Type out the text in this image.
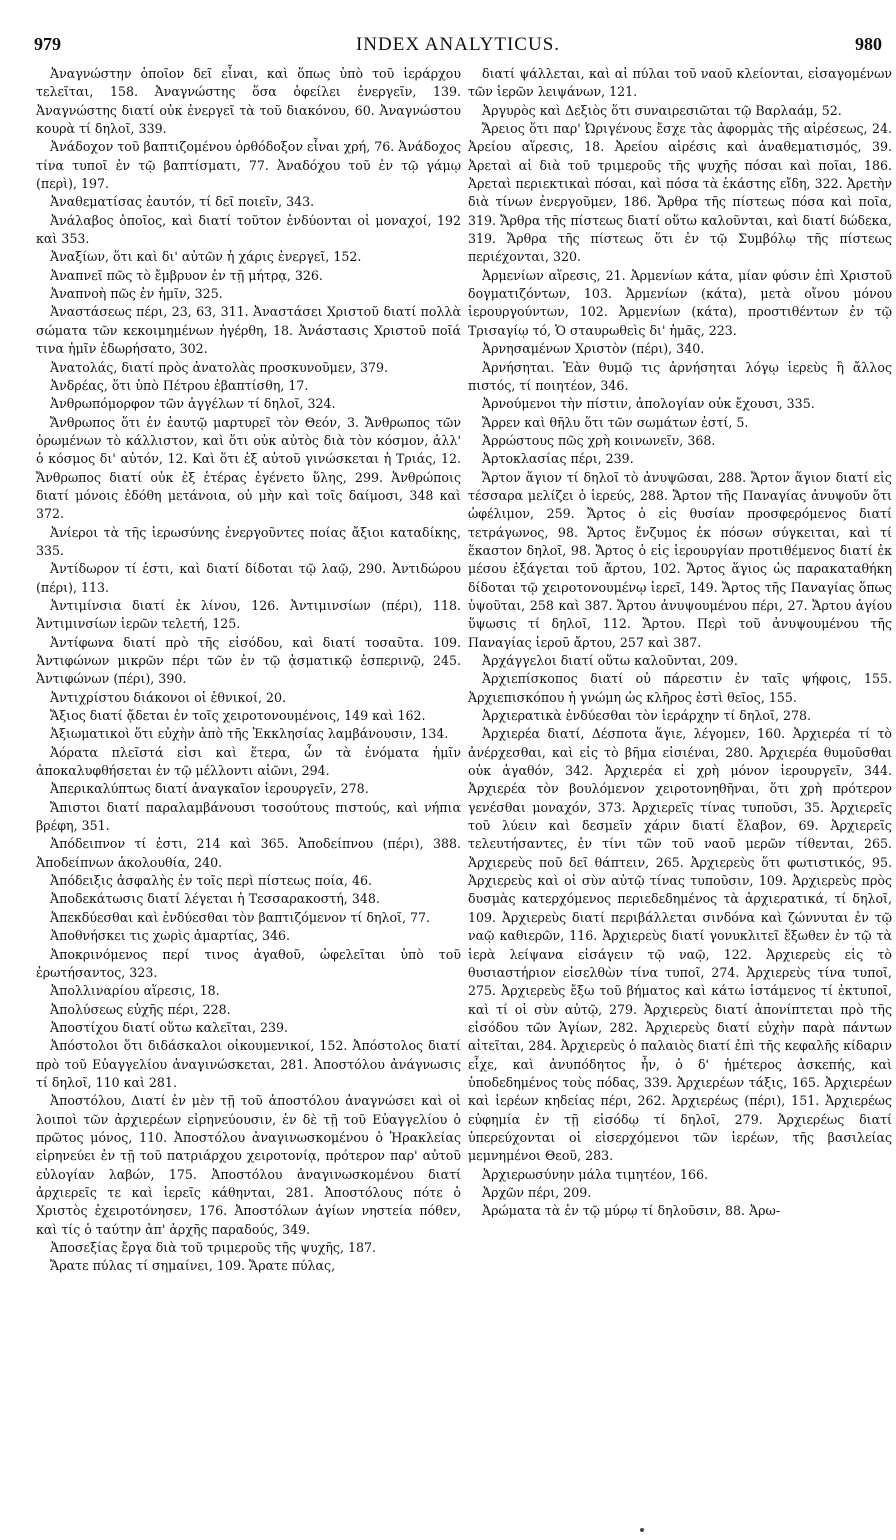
979	INDEX ANALYTICUS.	980

Ἀναγνώστην ὁποῖον δεῖ εἶναι, καὶ ὅπως ὑπὸ τοῦ ἱεράρχου τελεῖται, 158. Ἀναγνώστης ὅσα ὀφείλει ἐνεργεῖν, 139. Ἀναγνώστης διατί οὐκ ἐνεργεῖ τὰ τοῦ διακόνου, 60. Ἀναγνώστου κουρὰ τί δηλοῖ, 339.

Ἀνάδοχον τοῦ βαπτιζομένου ὀρθόδοξον εἶναι χρή, 76. Ἀνάδοχος τίνα τυποῖ ἐν τῷ βαπτίσματι, 77. Ἀναδόχου τοῦ ἐν τῷ γάμῳ (περὶ), 197.

Ἀναθεματίσας ἑαυτόν, τί δεῖ ποιεῖν, 343.

Ἀνάλαβος ὁποῖος, καὶ διατί τοῦτον ἐνδύονται οἱ μοναχοί, 192 καὶ 353.

Ἀναξίων, ὅτι καὶ δι' αὐτῶν ἡ χάρις ἐνεργεῖ, 152.

Ἀναπνεῖ πῶς τὸ ἔμβρυον ἐν τῇ μήτρᾳ, 326.

Ἀναπνοὴ πῶς ἐν ἡμῖν, 325.

Ἀναστάσεως πέρι, 23, 63, 311. Ἀναστάσει Χριστοῦ διατί πολλὰ σώματα τῶν κεκοιμημένων ἠγέρθη, 18. Ἀνάστασις Χριστοῦ ποῖά τινα ἡμῖν ἐδωρήσατο, 302.

Ἀνατολάς, διατί πρὸς ἀνατολὰς προσκυνοῦμεν, 379.

Ἀνδρέας, ὅτι ὑπὸ Πέτρου ἐβαπτίσθη, 17.

Ἀνθρωπόμορφον τῶν ἀγγέλων τί δηλοῖ, 324.

Ἄνθρωπος ὅτι ἐν ἑαυτῷ μαρτυρεῖ τὸν Θεόν, 3. Ἄνθρωπος τῶν ὁρωμένων τὸ κάλλιστον, καὶ ὅτι οὐκ αὐτὸς διὰ τὸν κόσμον, ἀλλ' ὁ κόσμος δι' αὐτόν, 12. Καὶ ὅτι ἐξ αὐτοῦ γινώσκεται ἡ Τριάς, 12. Ἄνθρωπος διατί οὐκ ἐξ ἑτέρας ἐγένετο ὕλης, 299. Ἀνθρώποις διατί μόνοις ἐδόθη μετάνοια, οὐ μὴν καὶ τοῖς δαίμοσι, 348 καὶ 372.

Ἀνίεροι τὰ τῆς ἱερωσύνης ἐνεργοῦντες ποίας ἄξιοι καταδίκης, 335.

Ἀντίδωρον τί ἐστι, καὶ διατί δίδοται τῷ λαῷ, 290. Ἀντιδώρου (πέρι), 113.

Ἀντιμίνσια διατί ἐκ λίνου, 126. Ἀντιμινσίων (πέρι), 118. Ἀντιμινσίων ἱερῶν τελετή, 125.

Ἀντίφωνα διατί πρὸ τῆς εἰσόδου, καὶ διατί τοσαῦτα. 109. Ἀντιφώνων μικρῶν πέρι τῶν ἐν τῷ ᾀσματικῷ ἑσπερινῷ, 245. Ἀντιφώνων (πέρι), 390.

Ἀντιχρίστου διάκονοι οἱ ἐθνικοί, 20.

Ἄξιος διατί ᾄδεται ἐν τοῖς χειροτονουμένοις, 149 καὶ 162.

Ἀξιωματικοὶ ὅτι εὐχὴν ἀπὸ τῆς Ἐκκλησίας λαμβάνουσιν, 134.

Ἀόρατα πλεῖστά εἰσι καὶ ἕτερα, ὧν τὰ ἐνόματα ἡμῖν ἀποκαλυφθήσεται ἐν τῷ μέλλοντι αἰῶνι, 294.

Ἀπερικαλύπτως διατί ἀναγκαῖον ἱερουργεῖν, 278.

Ἄπιστοι διατί παραλαμβάνουσι τοσούτους πιστούς, καὶ νήπια βρέφη, 351.

Ἀπόδειπνον τί ἐστι, 214 καὶ 365. Ἀποδείπνου (πέρι), 388. Ἀποδείπνων ἀκολουθία, 240.

Ἀπόδειξις ἀσφαλὴς ἐν τοῖς περὶ πίστεως ποία, 46.

Ἀποδεκάτωσις διατί λέγεται ἡ Τεσσαρακοστή, 348.

Ἀπεκδύεσθαι καὶ ἐνδύεσθαι τὸν βαπτιζόμενον τί δηλοῖ, 77.

Ἀποθνήσκει τις χωρὶς ἁμαρτίας, 346.

Ἀποκρινόμενος περί τινος ἀγαθοῦ, ὠφελεῖται ὑπὸ τοῦ ἐρωτήσαντος, 323.

Ἀπολλιναρίου αἵρεσις, 18.

Ἀπολύσεως εὐχῆς πέρι, 228.

Ἀποστίχου διατί οὕτω καλεῖται, 239.

Ἀπόστολοι ὅτι διδάσκαλοι οἰκουμενικοί, 152. Ἀπόστολος διατί πρὸ τοῦ Εὐαγγελίου ἀναγινώσκεται, 281. Ἀποστόλου ἀνάγνωσις τί δηλοῖ, 110 καὶ 281.

Ἀποστόλου, Διατί ἐν μὲν τῇ τοῦ ἀποστόλου ἀναγνώσει καὶ οἱ λοιποὶ τῶν ἀρχιερέων εἰρηνεύουσιν, ἐν δὲ τῇ τοῦ Εὐαγγελίου ὁ πρῶτος μόνος, 110. Ἀποστόλου ἀναγινωσκομένου ὁ Ἡρακλείας εἰρηνεύει ἐν τῇ τοῦ πατριάρχου χειροτονίᾳ, πρότερον παρ' αὐτοῦ εὐλογίαν λαβών, 175. Ἀποστόλου ἀναγινωσκομένου διατί ἀρχιερεῖς τε καὶ ἱερεῖς κάθηνται, 281. Ἀποστόλους πότε ὁ Χριστὸς ἐχειροτόνησεν, 176. Ἀποστόλων ἁγίων νηστεία πόθεν, καὶ τίς ὁ ταύτην ἀπ' ἀρχῆς παραδούς, 349.

Ἀποσεξίας ἔργα διὰ τοῦ τριμεροῦς τῆς ψυχῆς, 187.

Ἄρατε πύλας τί σημαίνει, 109. Ἄρατε πύλας,

διατί ψάλλεται, καὶ αἱ πύλαι τοῦ ναοῦ κλείονται, εἰσαγομένων τῶν ἱερῶν λειψάνων, 121.

Ἀργυρὸς καὶ Δεξιὸς ὅτι συναιρεσιῶται τῷ Βαρλαάμ, 52.

Ἄρειος ὅτι παρ' Ὠριγένους ἔσχε τὰς ἀφορμὰς τῆς αἱρέσεως, 24. Ἀρείου αἵρεσις, 18. Ἀρείου αἱρέσις καὶ ἀναθεματισμός, 39. Ἀρεταὶ αἱ διὰ τοῦ τριμεροῦς τῆς ψυχῆς πόσαι καὶ ποῖαι, 186. Ἀρεταὶ περιεκτικαὶ πόσαι, καὶ πόσα τὰ ἑκάστης εἴδη, 322. Ἀρετὴν διὰ τίνων ἐνεργοῦμεν, 186. Ἄρθρα τῆς πίστεως πόσα καὶ ποῖα, 319. Ἄρθρα τῆς πίστεως διατί οὕτω καλοῦνται, καὶ διατί δώδεκα, 319. Ἄρθρα τῆς πίστεως ὅτι ἐν τῷ Συμβόλῳ τῆς πίστεως περιέχονται, 320.

Ἀρμενίων αἵρεσις, 21. Ἀρμενίων κάτα, μίαν φύσιν ἐπὶ Χριστοῦ δογματιζόντων, 103. Ἀρμενίων (κάτα), μετὰ οἴνου μόνου ἱερουργούντων, 102. Ἀρμενίων (κάτα), προστιθέντων ἐν τῷ Τρισαγίῳ τό, Ὁ σταυρωθεὶς δι' ἡμᾶς, 223.

Ἀρνησαμένων Χριστὸν (πέρι), 340.

Ἀρνήσηται. Ἐὰν θυμῷ τις ἀρνήσηται λόγῳ ἱερεὺς ἢ ἄλλος πιστός, τί ποιητέον, 346.

Ἀρνούμενοι τὴν πίστιν, ἀπολογίαν οὐκ ἔχουσι, 335.

Ἄρρεν καὶ θῆλυ ὅτι τῶν σωμάτων ἐστί, 5.

Ἀρρώστους πῶς χρὴ κοινωνεῖν, 368.

Ἀρτοκλασίας πέρι, 239.

Ἄρτον ἅγιον τί δηλοῖ τὸ ἀνυψῶσαι, 288. Ἄρτον ἅγιον διατί εἰς τέσσαρα μελίζει ὁ ἱερεύς, 288. Ἄρτον τῆς Παναγίας ἀνυψοῦν ὅτι ὠφέλιμον, 259. Ἄρτος ὁ εἰς θυσίαν προσφερόμενος διατί τετράγωνος, 98. Ἄρτος ἔνζυμος ἐκ πόσων σύγκειται, καὶ τί ἕκαστον δηλοῖ, 98. Ἄρτος ὁ εἰς ἱερουργίαν προτιθέμενος διατί ἐκ μέσου ἐξάγεται τοῦ ἄρτου, 102. Ἄρτος ἅγιος ὡς παρακαταθήκη δίδοται τῷ χειροτονουμένῳ ἱερεῖ, 149. Ἄρτος τῆς Παναγίας ὅπως ὑψοῦται, 258 καὶ 387. Ἄρτου ἀνυψουμένου πέρι, 27. Ἄρτου ἁγίου ὕψωσις τί δηλοῖ, 112. Ἄρτου. Περὶ τοῦ ἀνυψουμένου τῆς Παναγίας ἱεροῦ ἄρτου, 257 καὶ 387.

Ἀρχάγγελοι διατί οὕτω καλοῦνται, 209.

Ἀρχιεπίσκοπος διατί οὐ πάρεστιν ἐν ταῖς ψήφοις, 155. Ἀρχιεπισκόπου ἡ γνώμη ὡς κλῆρος ἐστὶ θεῖος, 155.

Ἀρχιερατικὰ ἐνδύεσθαι τὸν ἱεράρχην τί δηλοῖ, 278.

Ἀρχιερέα διατί, Δέσποτα ἅγιε, λέγομεν, 160. Ἀρχιερέα τί τὸ ἀνέρχεσθαι, καὶ εἰς τὸ βῆμα εἰσιέναι, 280. Ἀρχιερέα θυμοῦσθαι οὐκ ἀγαθόν, 342. Ἀρχιερέα εἰ χρὴ μόνον ἱερουργεῖν, 344. Ἀρχιερέα τὸν βουλόμενον χειροτονηθῆναι, ὅτι χρὴ πρότερον γενέσθαι μοναχόν, 373. Ἀρχιερεῖς τίνας τυποῦσι, 35. Ἀρχιερεῖς τοῦ λύειν καὶ δεσμεῖν χάριν διατί ἔλαβον, 69. Ἀρχιερεῖς τελευτήσαντες, ἐν τίνι τῶν τοῦ ναοῦ μερῶν τίθενται, 265. Ἀρχιερεὺς ποῦ δεῖ θάπτειν, 265. Ἀρχιερεὺς ὅτι φωτιστικός, 95. Ἀρχιερεὺς καὶ οἱ σὺν αὐτῷ τίνας τυποῦσιν, 109. Ἀρχιερεὺς πρὸς δυσμὰς κατερχόμενος περιεδεδημένος τὰ ἀρχιερατικά, τί δηλοῖ, 109. Ἀρχιερεὺς διατί περιβάλλεται σινδόνα καὶ ζώννυται ἐν τῷ ναῷ καθιερῶν, 116. Ἀρχιερεὺς διατί γονυκλιτεῖ ἔξωθεν ἐν τῷ τὰ ἱερὰ λείψανα εἰσάγειν τῷ ναῷ, 122. Ἀρχιερεὺς εἰς τὸ θυσιαστήριον εἰσελθὼν τίνα τυποῖ, 274. Ἀρχιερεὺς τίνα τυποῖ, 275. Ἀρχιερεὺς ἔξω τοῦ βήματος καὶ κάτω ἱστάμενος τί ἐκτυποῖ, καὶ τί οἱ σὺν αὐτῷ, 279. Ἀρχιερεὺς διατί ἀπονίπτεται πρὸ τῆς εἰσόδου τῶν Ἁγίων, 282. Ἀρχιερεὺς διατί εὐχὴν παρὰ πάντων αἰτεῖται, 284. Ἀρχιερεὺς ὁ παλαιὸς διατί ἐπὶ τῆς κεφαλῆς κίδαριν εἶχε, καὶ ἀνυπόδητος ἦν, ὁ δ' ἡμέτερος ἀσκεπής, καὶ ὑποδεδημένος τοὺς πόδας, 339. Ἀρχιερέων τάξις, 165. Ἀρχιερέων καὶ ἱερέων κηδείας πέρι, 262. Ἀρχιερέως (πέρι), 151. Ἀρχιερέως εὐφημία ἐν τῇ εἰσόδῳ τί δηλοῖ, 279. Ἀρχιερέως διατί ὑπερεύχονται οἱ εἰσερχόμενοι τῶν ἱερέων, τῆς βασιλείας μεμνημένοι Θεοῦ, 283.

Ἀρχιερωσύνην μάλα τιμητέον, 166.

Ἀρχῶν πέρι, 209.

Ἀρώματα τὰ ἐν τῷ μύρῳ τί δηλοῦσιν, 88. Ἀρω-
